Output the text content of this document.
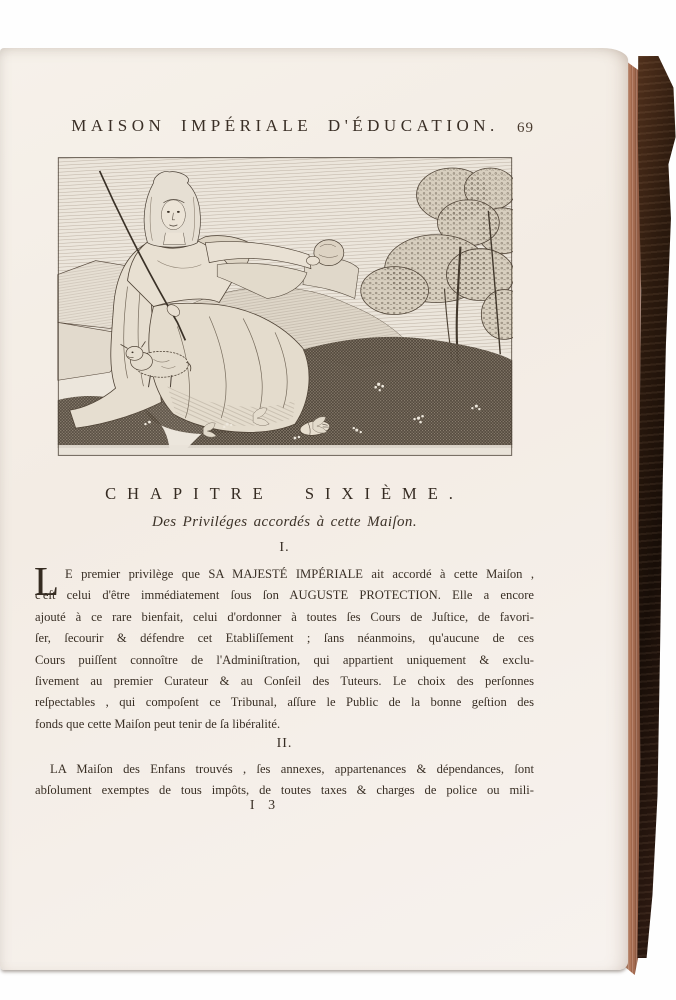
MAISON IMPÉRIALE D'ÉDUCATION. 69
CHAPITRE SIXIÈME.
Des Priviléges accordés à cette Maiſon.
I.
L E premier privilège que SA MAJESTÉ IMPÉRIALE ait accordé à cette Maiſon ,
c'eſt celui d'être immédiatement ſous ſon AUGUSTE PROTECTION. Elle a encore
ajouté à ce rare bienfait, celui d'ordonner à toutes ſes Cours de Juſtice, de favori-
ſer, ſecourir & défendre cet Etabliſſement ; ſans néanmoins, qu'aucune de ces
Cours puiſſent connoître de l'Adminiſtration, qui appartient uniquement & exclu-
ſivement au premier Curateur & au Conſeil des Tuteurs. Le choix des perſonnes
reſpectables , qui compoſent ce Tribunal, aſſure le Public de la bonne geſtion des
fonds que cette Maiſon peut tenir de ſa libéralité.
II.
LA Maiſon des Enfans trouvés , ſes annexes, appartenances & dépendances, ſont
abſolument exemptes de tous impôts, de toutes taxes & charges de police ou mili-
I 3
